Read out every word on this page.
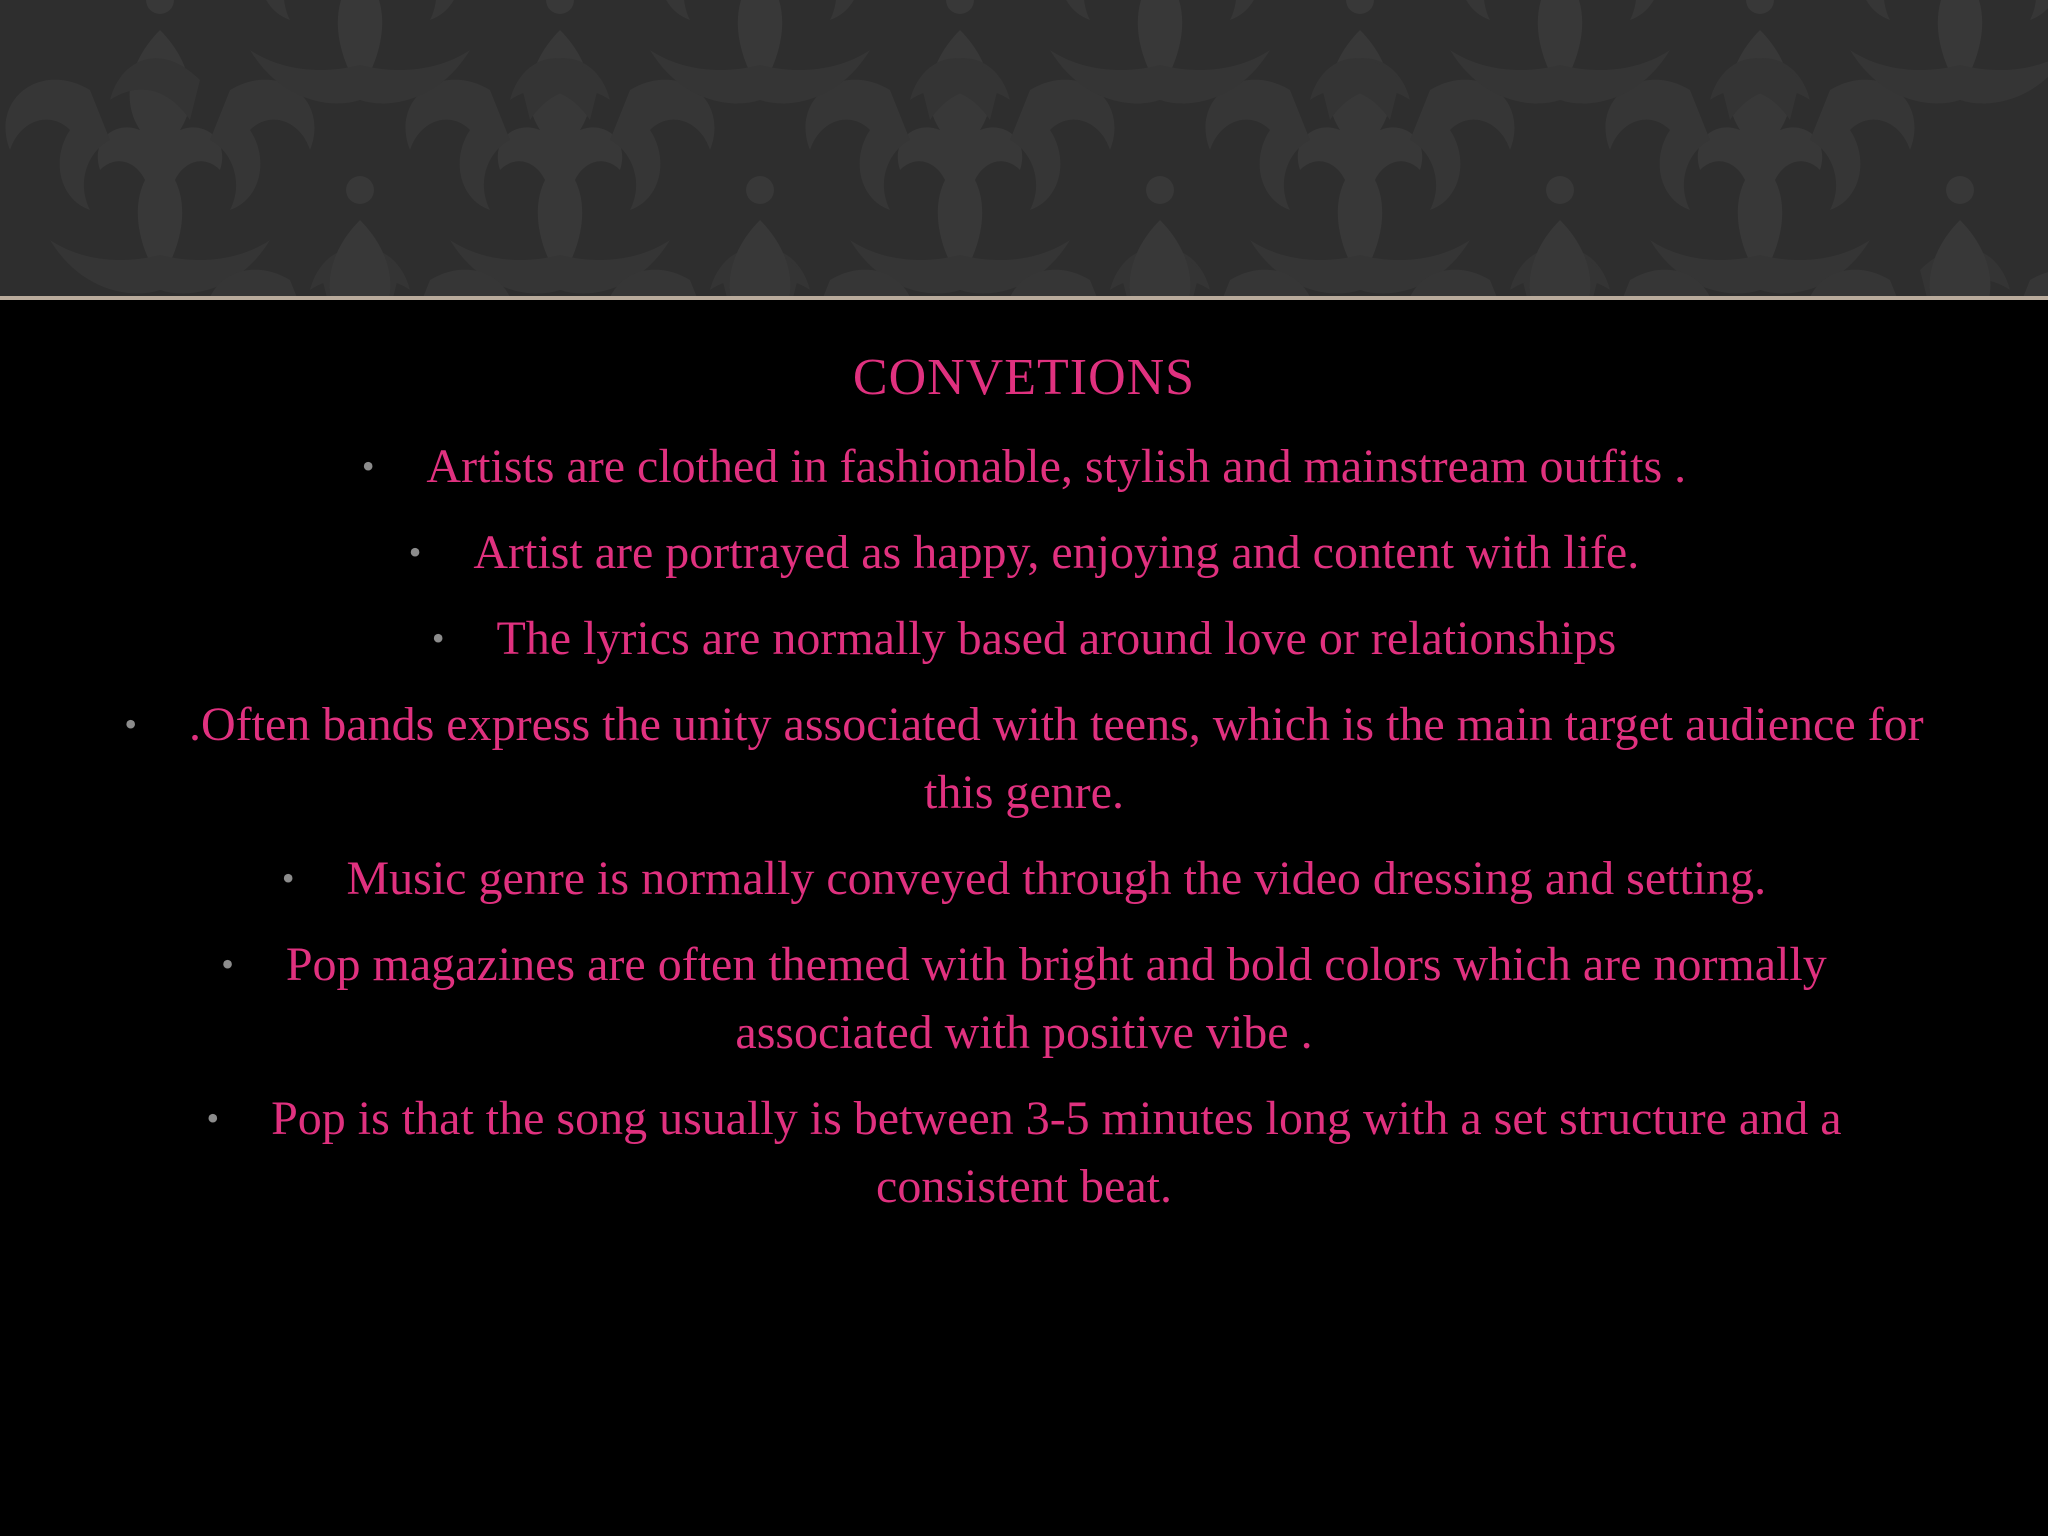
CONVETIONS
• Artists are clothed in fashionable, stylish and mainstream outfits .
• Artist are portrayed as happy, enjoying and content with life.
• The lyrics are normally based around love or relationships
• .Often bands express the unity associated with teens, which is the main target audience for this genre.
• Music genre is normally conveyed through the video dressing and setting.
• Pop magazines are often themed with bright and bold colors which are normally associated with positive vibe .
• Pop is that the song usually is between 3-5 minutes long with a set structure and a consistent beat.
